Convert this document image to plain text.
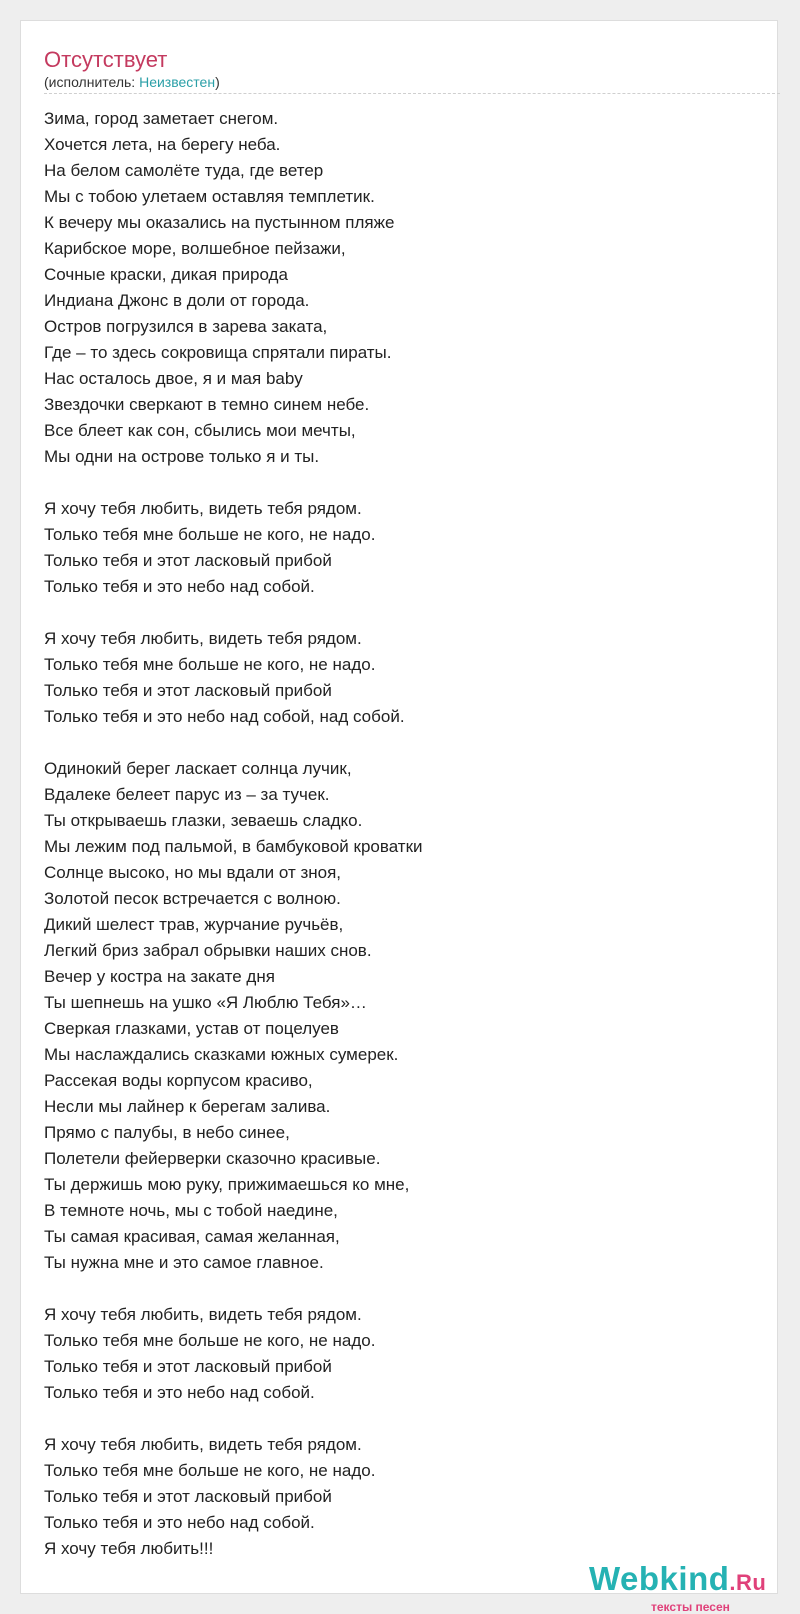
Отсутствует
(исполнитель: Неизвестен)
Зима, город заметает снегом.
Хочется лета, на берегу неба.
На белом самолёте туда, где ветер
Мы с тобою улетаем оставляя темплетик.
К вечеру мы оказались на пустынном пляже
Карибское море, волшебное пейзажи,
Сочные краски, дикая природа
Индиана Джонс в доли от города.
Остров погрузился в зарева заката,
Где – то здесь сокровища спрятали пираты.
Нас осталось двое, я и мая baby
Звездочки сверкают в темно синем небе.
Все блеет как сон, сбылись мои мечты,
Мы одни на острове только я и ты.
Я хочу тебя любить, видеть тебя рядом.
Только тебя мне больше не кого, не надо.
Только тебя и этот ласковый прибой
Только тебя и это небо над собой.
Я хочу тебя любить, видеть тебя рядом.
Только тебя мне больше не кого, не надо.
Только тебя и этот ласковый прибой
Только тебя и это небо над собой, над собой.
Одинокий берег ласкает солнца лучик,
Вдалеке белеет парус из – за тучек.
Ты открываешь глазки, зеваешь сладко.
Мы лежим под пальмой, в бамбуковой кроватки
Солнце высоко, но мы вдали от зноя,
Золотой песок встречается с волною.
Дикий шелест трав, журчание ручьёв,
Легкий бриз забрал обрывки наших снов.
Вечер у костра на закате дня
Ты шепнешь на ушко «Я Люблю Тебя»…
Сверкая глазками, устав от поцелуев
Мы наслаждались сказками южных сумерек.
Рассекая воды корпусом красиво,
Несли мы лайнер к берегам залива.
Прямо с палубы, в небо синее,
Полетели фейерверки сказочно красивые.
Ты держишь мою руку, прижимаешься ко мне,
В темноте ночь, мы с тобой наедине,
Ты самая красивая, самая желанная,
Ты нужна мне и это самое главное.
Я хочу тебя любить, видеть тебя рядом.
Только тебя мне больше не кого, не надо.
Только тебя и этот ласковый прибой
Только тебя и это небо над собой.
Я хочу тебя любить, видеть тебя рядом.
Только тебя мне больше не кого, не надо.
Только тебя и этот ласковый прибой
Только тебя и это небо над собой.
Я хочу тебя любить!!!
Webkind.Ru
тексты песен
